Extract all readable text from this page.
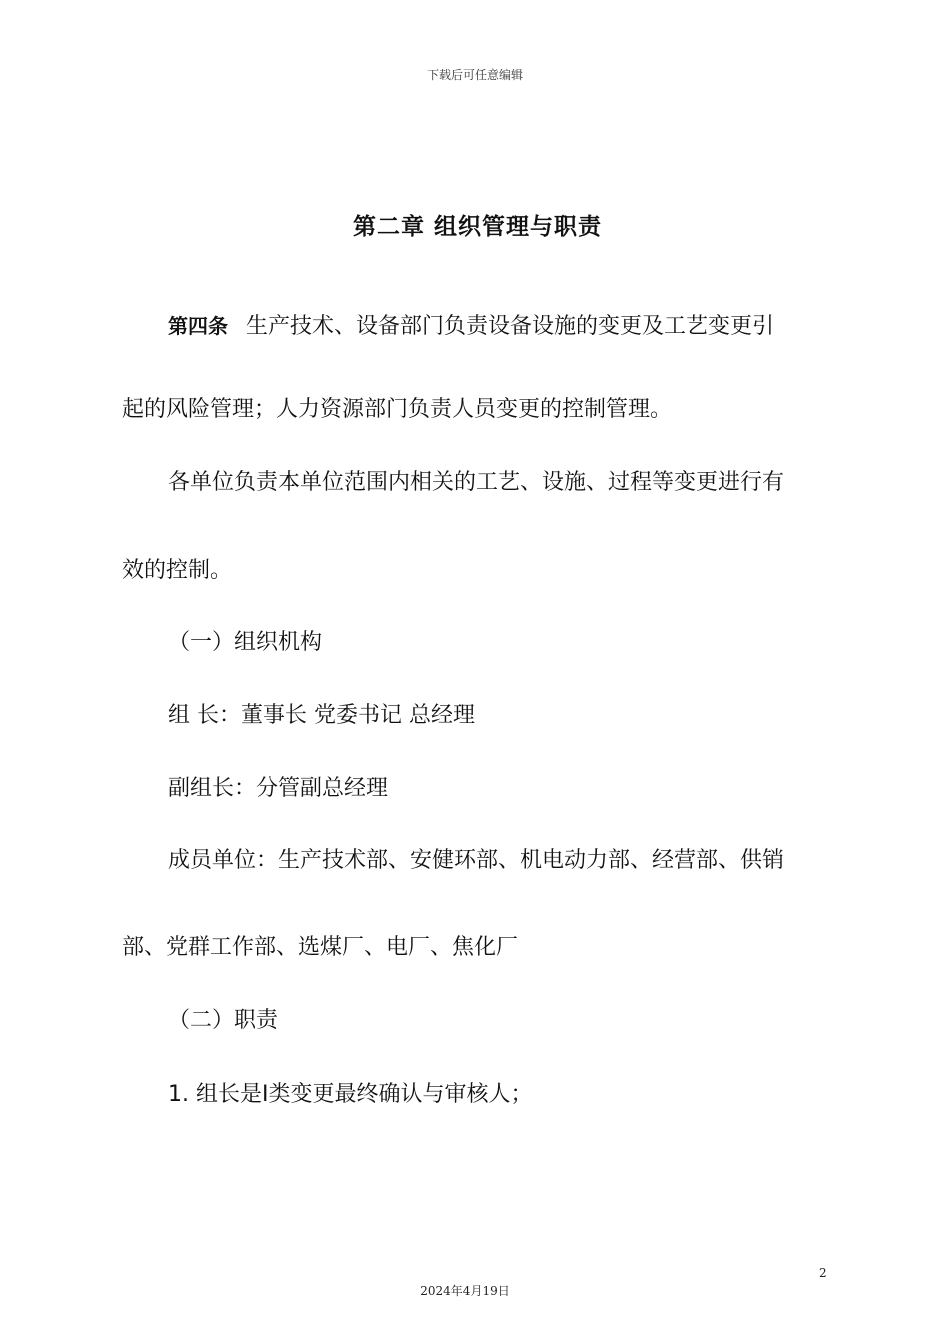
下载后可任意编辑
第二章 组织管理与职责
第四条 生产技术、设备部门负责设备设施的变更及工艺变更引
起的风险管理；人力资源部门负责人员变更的控制管理。
各单位负责本单位范围内相关的工艺、设施、过程等变更进行有
效的控制。
（一）组织机构
组 长：董事长 党委书记 总经理
副组长：分管副总经理
成员单位：生产技术部、安健环部、机电动力部、经营部、供销
部、党群工作部、选煤厂、电厂、焦化厂
（二）职责
1. 组长是Ⅰ类变更最终确认与审核人；
2
2024年4月19日
